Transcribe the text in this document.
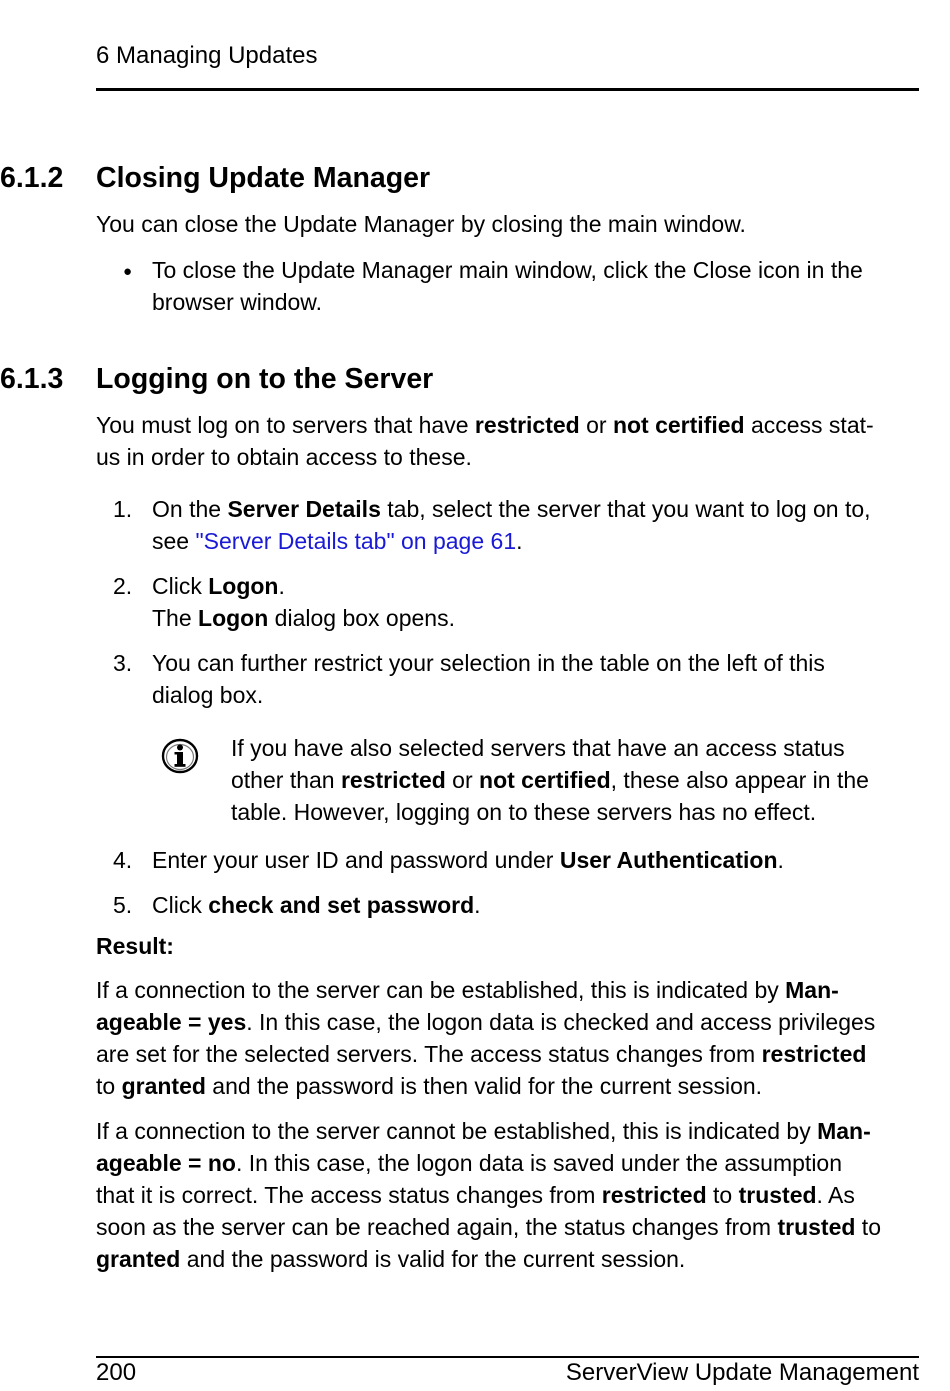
6 Managing Updates
6.1.2 Closing Update Manager
You can close the Update Manager by closing the main window.
● To close the Update Manager main window, click the Close icon in the
browser window.
6.1.3 Logging on to the Server
You must log on to servers that have restricted or not certified access stat-
us in order to obtain access to these.
1. On the Server Details tab, select the server that you want to log on to,
see "Server Details tab" on page 61.
2. Click Logon.
The Logon dialog box opens.
3. You can further restrict your selection in the table on the left of this
dialog box.
If you have also selected servers that have an access status
other than restricted or not certified, these also appear in the
table. However, logging on to these servers has no effect.
4. Enter your user ID and password under User Authentication.
5. Click check and set password.
Result:
If a connection to the server can be established, this is indicated by Man-
ageable = yes. In this case, the logon data is checked and access privileges
are set for the selected servers. The access status changes from restricted
to granted and the password is then valid for the current session.
If a connection to the server cannot be established, this is indicated by Man-
ageable = no. In this case, the logon data is saved under the assumption
that it is correct. The access status changes from restricted to trusted. As
soon as the server can be reached again, the status changes from trusted to
granted and the password is valid for the current session.
200	ServerView Update Management
